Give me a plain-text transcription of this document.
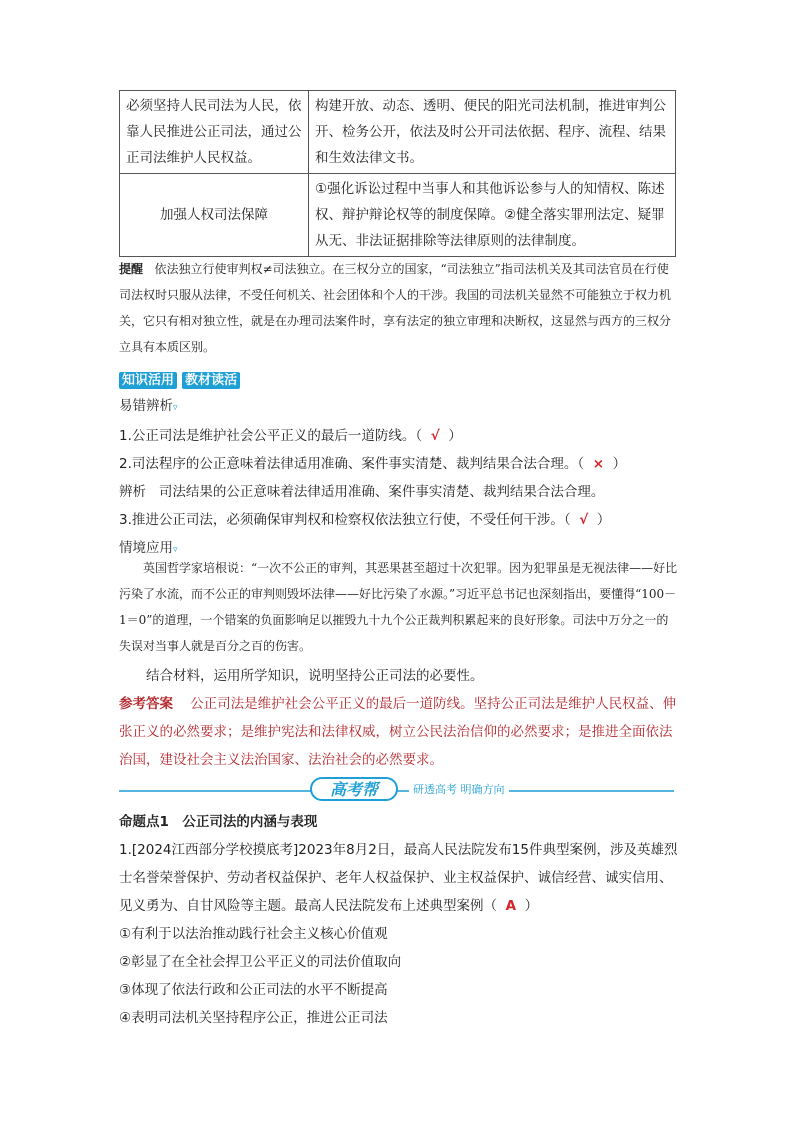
必须坚持人民司法为人民，依靠人民推进公正司法，通过公正司法维护人民权益。	构建开放、动态、透明、便民的阳光司法机制，推进审判公开、检务公开，依法及时公开司法依据、程序、流程、结果和生效法律文书。
加强人权司法保障	①强化诉讼过程中当事人和其他诉讼参与人的知情权、陈述权、辩护辩论权等的制度保障。②健全落实罪刑法定、疑罪从无、非法证据排除等法律原则的法律制度。
提醒 依法独立行使审判权≠司法独立。在三权分立的国家，“司法独立”指司法机关及其司法官员在行使司法权时只服从法律，不受任何机关、社会团体和个人的干涉。我国的司法机关显然不可能独立于权力机关，它只有相对独立性，就是在办理司法案件时，享有法定的独立审理和决断权，这显然与西方的三权分立具有本质区别。
知识活用 教材读活
易错辨析▿
1.公正司法是维护社会公平正义的最后一道防线。（ √ ）
2.司法程序的公正意味着法律适用准确、案件事实清楚、裁判结果合法合理。（ × ）
辨析 司法结果的公正意味着法律适用准确、案件事实清楚、裁判结果合法合理。
3.推进公正司法，必须确保审判权和检察权依法独立行使，不受任何干涉。（ √ ）
情境应用▿
英国哲学家培根说：“一次不公正的审判，其恶果甚至超过十次犯罪。因为犯罪虽是无视法律——好比污染了水流，而不公正的审判则毁坏法律——好比污染了水源。”习近平总书记也深刻指出，要懂得“100－1＝0”的道理，一个错案的负面影响足以摧毁九十九个公正裁判积累起来的良好形象。司法中万分之一的失误对当事人就是百分之百的伤害。
结合材料，运用所学知识，说明坚持公正司法的必要性。
参考答案 公正司法是维护社会公平正义的最后一道防线。坚持公正司法是维护人民权益、伸张正义的必然要求；是维护宪法和法律权威，树立公民法治信仰的必然要求；是推进全面依法治国，建设社会主义法治国家、法治社会的必然要求。
高考帮	研透高考 明确方向
命题点1　公正司法的内涵与表现
1.[2024江西部分学校摸底考]2023年8月2日，最高人民法院发布15件典型案例，涉及英雄烈士名誉荣誉保护、劳动者权益保护、老年人权益保护、业主权益保护、诚信经营、诚实信用、见义勇为、自甘风险等主题。最高人民法院发布上述典型案例（ A ）
①有利于以法治推动践行社会主义核心价值观
②彰显了在全社会捍卫公平正义的司法价值取向
③体现了依法行政和公正司法的水平不断提高
④表明司法机关坚持程序公正，推进公正司法
